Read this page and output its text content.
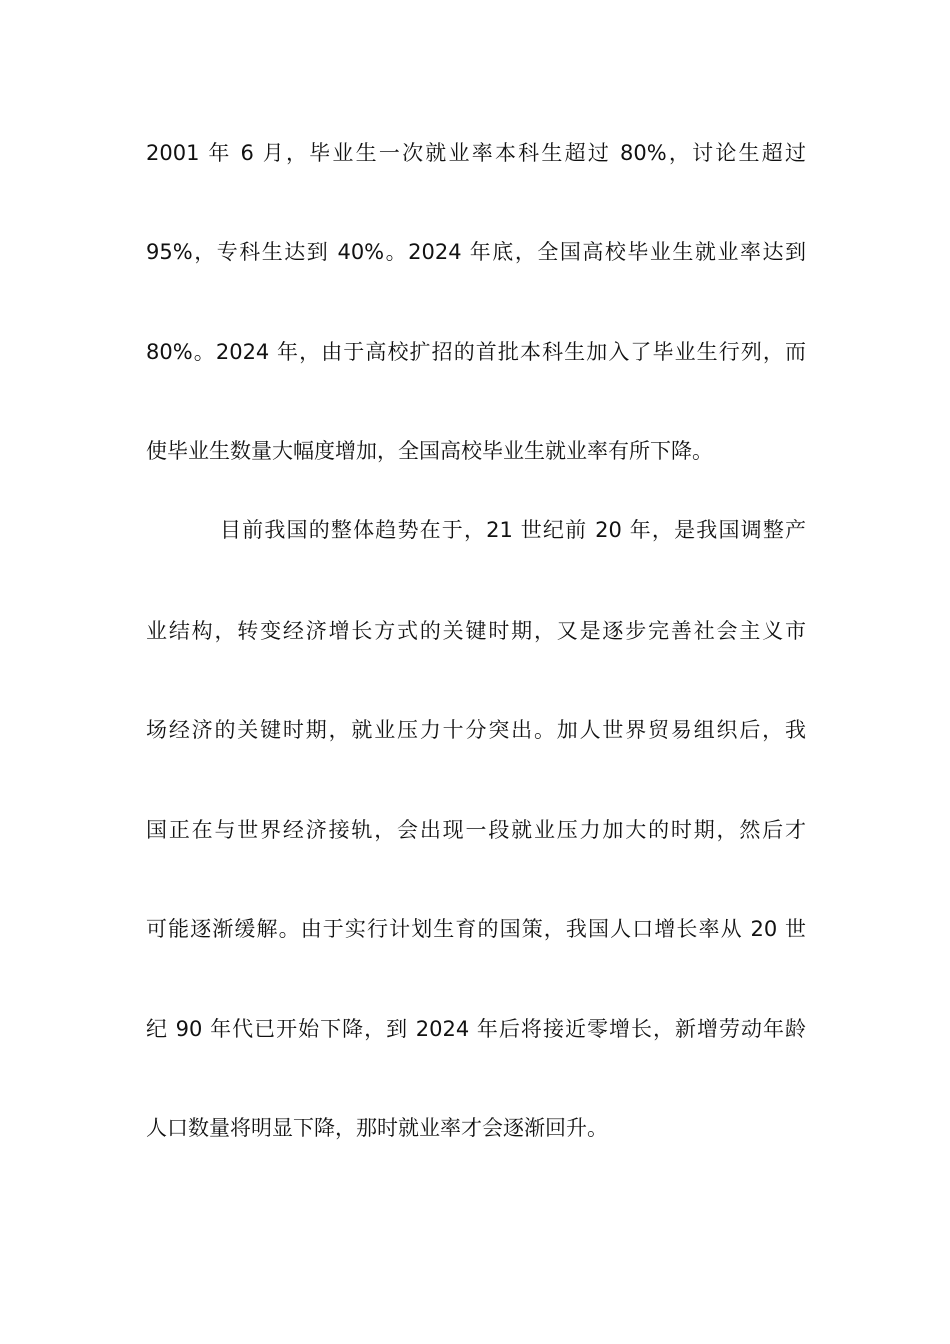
2001 年 6 月，毕业生一次就业率本科生超过 80%，讨论生超过
95%，专科生达到 40%。2024 年底，全国高校毕业生就业率达到
80%。2024 年，由于高校扩招的首批本科生加入了毕业生行列，而
使毕业生数量大幅度增加，全国高校毕业生就业率有所下降。
目前我国的整体趋势在于，21 世纪前 20 年，是我国调整产
业结构，转变经济增长方式的关键时期，又是逐步完善社会主义市
场经济的关键时期，就业压力十分突出。加人世界贸易组织后，我
国正在与世界经济接轨，会出现一段就业压力加大的时期，然后才
可能逐渐缓解。由于实行计划生育的国策，我国人口增长率从 20 世
纪 90 年代已开始下降，到 2024 年后将接近零增长，新增劳动年龄
人口数量将明显下降，那时就业率才会逐渐回升。
